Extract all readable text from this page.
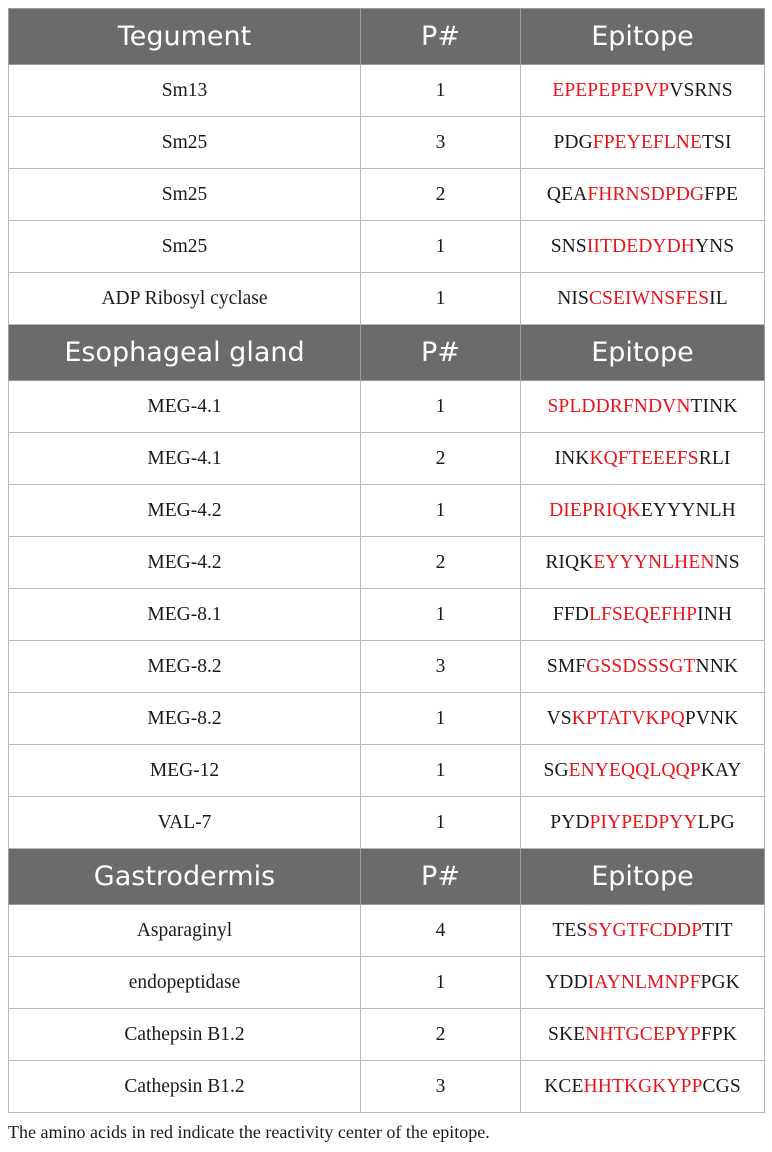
Tegument	P#	Epitope
Sm13	1	EPEPEPEPVPVSRNS
Sm25	3	PDGFPEYEFLNETSI
Sm25	2	QEAFHRNSDPDGFPE
Sm25	1	SNSIITDEDYDHYNS
ADP Ribosyl cyclase	1	NISCSEIWNSFESIL
Esophageal gland	P#	Epitope
MEG-4.1	1	SPLDDRFNDVNTINK
MEG-4.1	2	INKKQFTEEEFSRLI
MEG-4.2	1	DIEPRIQKEYYYNLH
MEG-4.2	2	RIQKEYYYNLHENNS
MEG-8.1	1	FFDLFSEQEFHPINH
MEG-8.2	3	SMFGSSDSSSGTNNK
MEG-8.2	1	VSKPTATVKPQPVNK
MEG-12	1	SGENYEQQLQQPKAY
VAL-7	1	PYDPIYPEDPYYLPG
Gastrodermis	P#	Epitope
Asparaginyl	4	TESSYGTFCDDPTIT
endopeptidase	1	YDDIAYNLMNPFPGK
Cathepsin B1.2	2	SKENHTGCEPYPFPK
Cathepsin B1.2	3	KCEHHTKGKYPPCGS
The amino acids in red indicate the reactivity center of the epitope.
